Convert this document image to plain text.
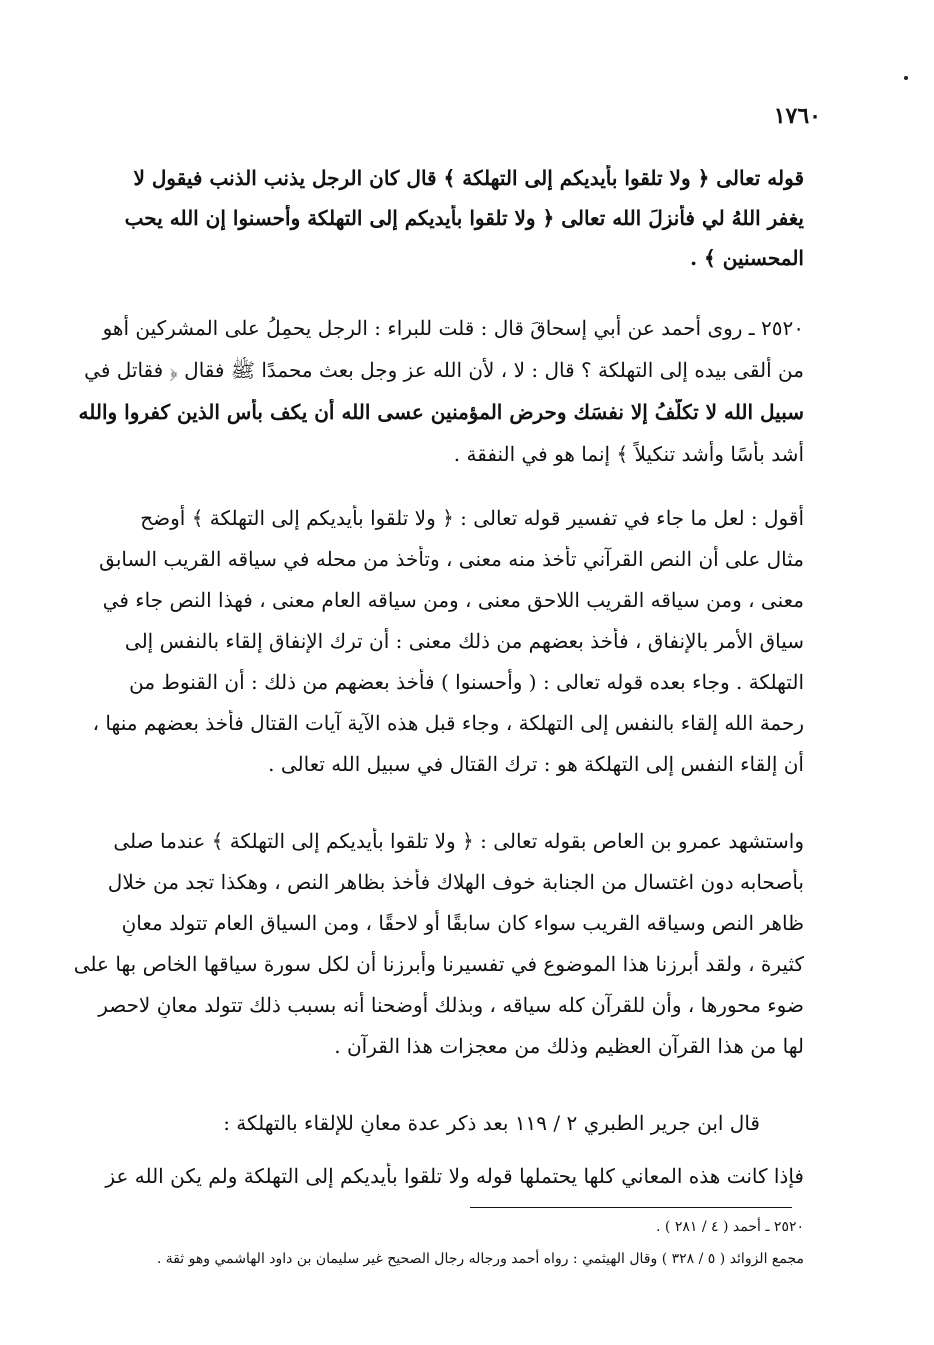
١٧٦٠
قوله تعالى ﴿ ولا تلقوا بأيديكم إلى التهلكة ﴾ قال كان الرجل يذنب الذنب فيقول لا
يغفر اللهُ لي فأنزلَ الله تعالى ﴿ ولا تلقوا بأيديكم إلى التهلكة وأحسنوا إن الله يحب
المحسنين ﴾ .
٢٥٢٠ ـ روى أحمد عن أبي إسحاقَ قال : قلت للبراء : الرجل يحمِلُ على المشركين أهو
من ألقى بيده إلى التهلكة ؟ قال : لا ، لأن الله عز وجل بعث محمدًا ﷺ فقال ﴿ فقاتل في
سبيل الله لا تكلَّفُ إلا نفسَك وحرض المؤمنين عسى الله أن يكف بأس الذين كفروا والله
أشد بأسًا وأشد تنكيلاً ﴾ إنما هو في النفقة .
أقول : لعل ما جاء في تفسير قوله تعالى : ﴿ ولا تلقوا بأيديكم إلى التهلكة ﴾ أوضح
مثال على أن النص القرآني تأخذ منه معنى ، وتأخذ من محله في سياقه القريب السابق
معنى ، ومن سياقه القريب اللاحق معنى ، ومن سياقه العام معنى ، فهذا النص جاء في
سياق الأمر بالإنفاق ، فأخذ بعضهم من ذلك معنى : أن ترك الإنفاق إلقاء بالنفس إلى
التهلكة . وجاء بعده قوله تعالى : ( وأحسنوا ) فأخذ بعضهم من ذلك : أن القنوط من
رحمة الله إلقاء بالنفس إلى التهلكة ، وجاء قبل هذه الآية آيات القتال فأخذ بعضهم منها ،
أن إلقاء النفس إلى التهلكة هو : ترك القتال في سبيل الله تعالى .
واستشهد عمرو بن العاص بقوله تعالى : ﴿ ولا تلقوا بأيديكم إلى التهلكة ﴾ عندما صلى
بأصحابه دون اغتسال من الجنابة خوف الهلاك فأخذ بظاهر النص ، وهكذا تجد من خلال
ظاهر النص وسياقه القريب سواء كان سابقًا أو لاحقًا ، ومن السياق العام تتولد معانٍ
كثيرة ، ولقد أبرزنا هذا الموضوع في تفسيرنا وأبرزنا أن لكل سورة سياقها الخاص بها على
ضوء محورها ، وأن للقرآن كله سياقه ، وبذلك أوضحنا أنه بسبب ذلك تتولد معانٍ لاحصر
لها من هذا القرآن العظيم وذلك من معجزات هذا القرآن .
قال ابن جرير الطبري ٢ / ١١٩ بعد ذكر عدة معانٍ للإلقاء بالتهلكة :
فإذا كانت هذه المعاني كلها يحتملها قوله ولا تلقوا بأيديكم إلى التهلكة ولم يكن الله عز
٢٥٢٠ ـ أحمد ( ٤ / ٢٨١ ) .
مجمع الزوائد ( ٥ / ٣٢٨ ) وقال الهيثمي : رواه أحمد ورجاله رجال الصحيح غير سليمان بن داود الهاشمي وهو ثقة .
